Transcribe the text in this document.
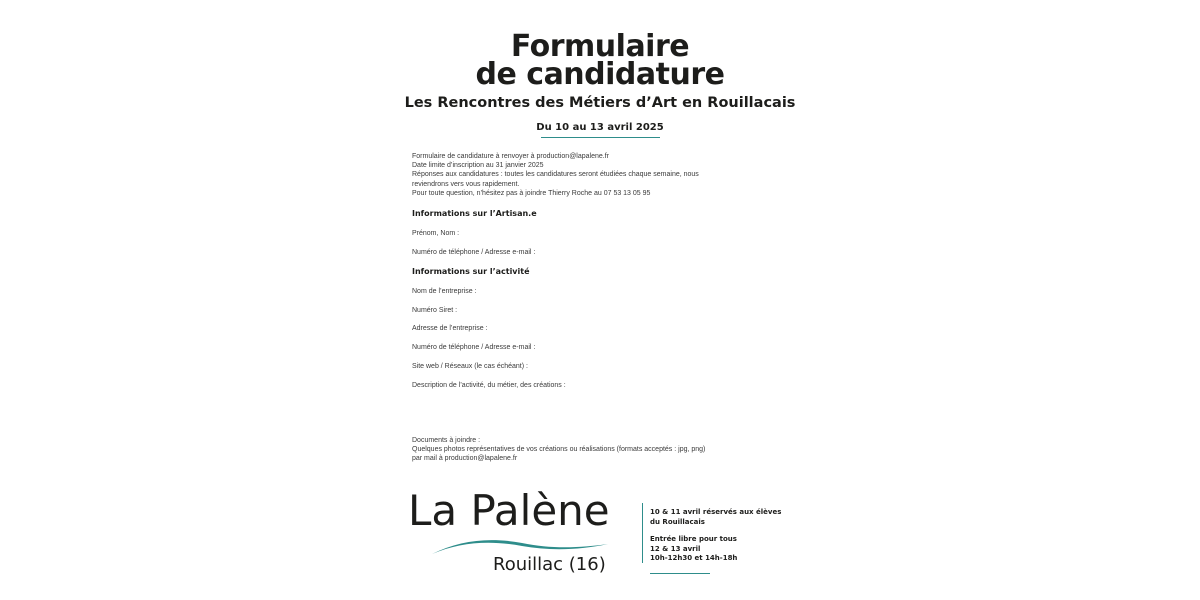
Formulaire
de candidature
Les Rencontres des Métiers d’Art en Rouillacais
Du 10 au 13 avril 2025
Formulaire de candidature à renvoyer à production@lapalene.fr
Date limite d’inscription au 31 janvier 2025
Réponses aux candidatures : toutes les candidatures seront étudiées chaque semaine, nous
reviendrons vers vous rapidement.
Pour toute question, n’hésitez pas à joindre Thierry Roche au 07 53 13 05 95
Informations sur l’Artisan.e
Prénom, Nom :
Numéro de téléphone / Adresse e-mail :
Informations sur l’activité
Nom de l’entreprise :
Numéro Siret :
Adresse de l’entreprise :
Numéro de téléphone / Adresse e-mail :
Site web / Réseaux (le cas échéant) :
Description de l’activité, du métier, des créations :
Documents à joindre :
Quelques photos représentatives de vos créations ou réalisations (formats acceptés : jpg, png)
par mail à production@lapalene.fr
La Palène
Rouillac (16)
10 & 11 avril réservés aux élèves
du Rouillacais
Entrée libre pour tous
12 & 13 avril
10h-12h30 et 14h-18h
